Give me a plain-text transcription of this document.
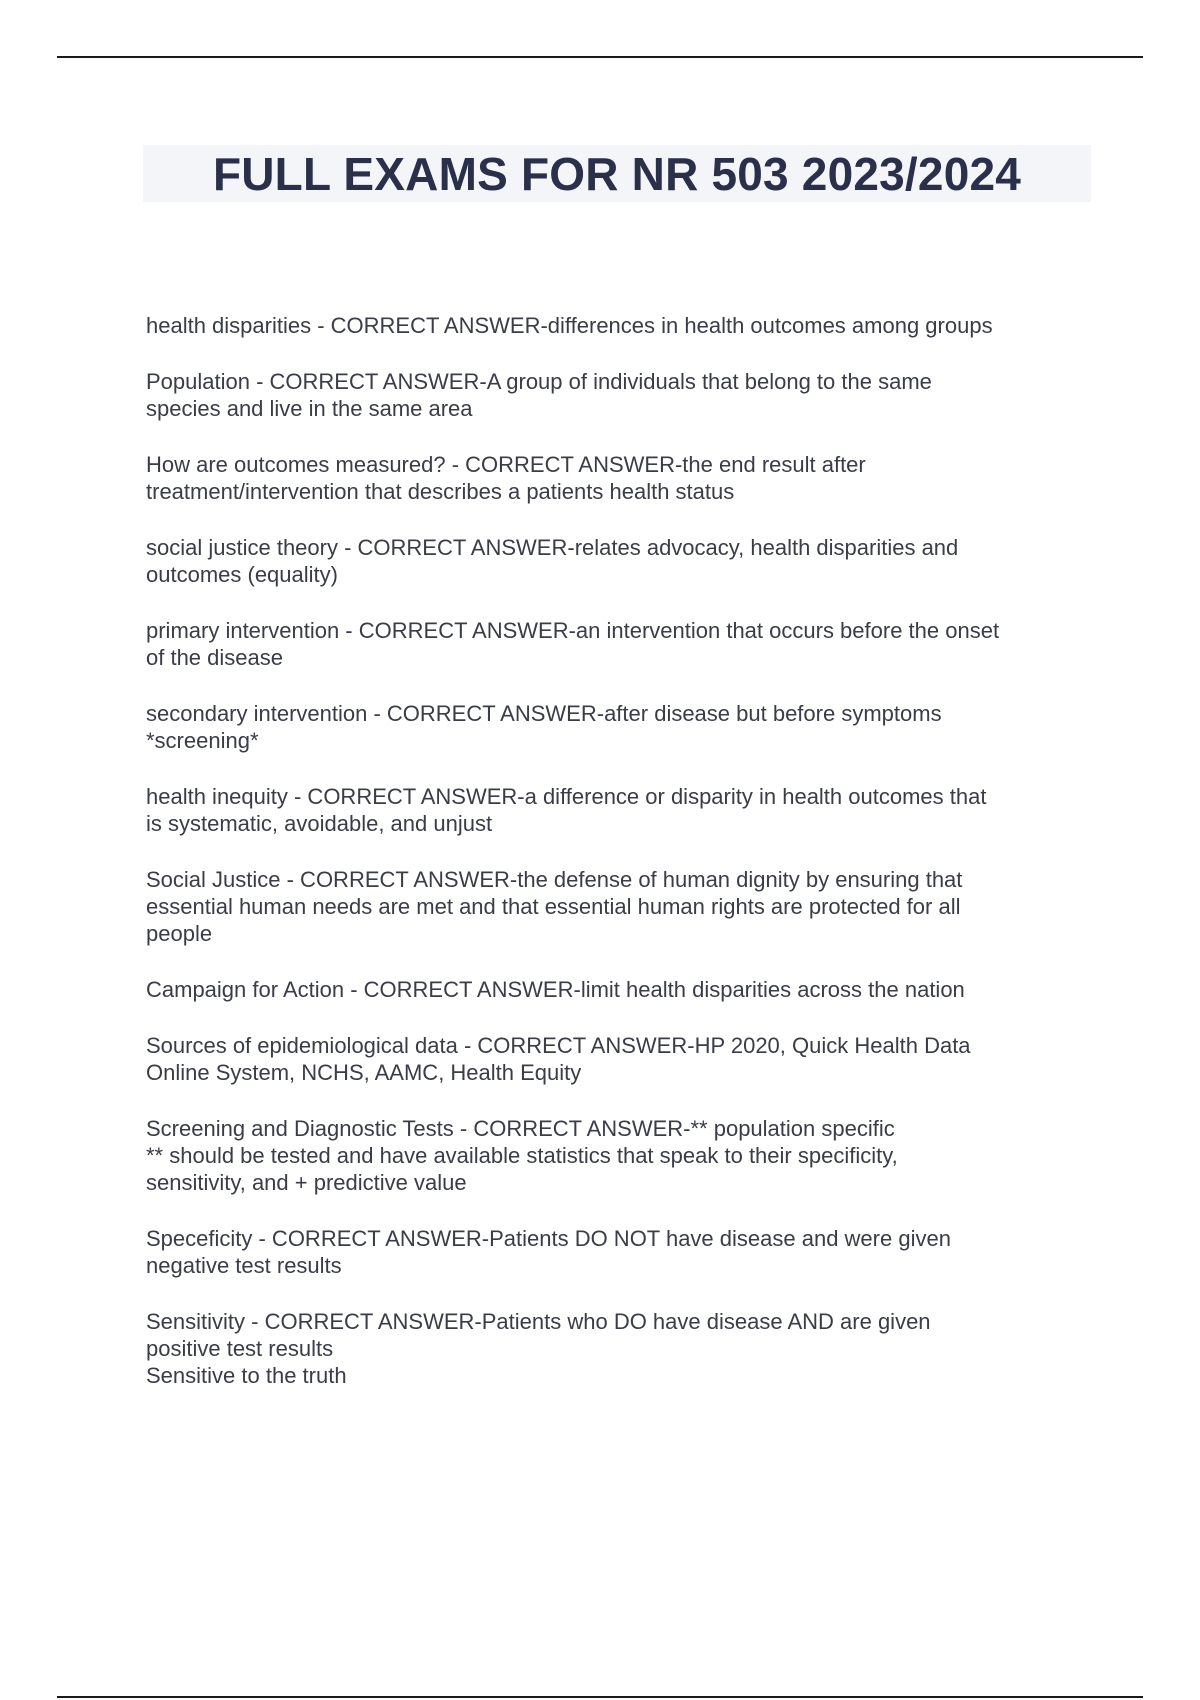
FULL EXAMS FOR NR 503 2023/2024

health disparities - CORRECT ANSWER-differences in health outcomes among groups

Population - CORRECT ANSWER-A group of individuals that belong to the same
species and live in the same area

How are outcomes measured? - CORRECT ANSWER-the end result after
treatment/intervention that describes a patients health status

social justice theory - CORRECT ANSWER-relates advocacy, health disparities and
outcomes (equality)

primary intervention - CORRECT ANSWER-an intervention that occurs before the onset
of the disease

secondary intervention - CORRECT ANSWER-after disease but before symptoms
*screening*

health inequity - CORRECT ANSWER-a difference or disparity in health outcomes that
is systematic, avoidable, and unjust

Social Justice - CORRECT ANSWER-the defense of human dignity by ensuring that
essential human needs are met and that essential human rights are protected for all
people

Campaign for Action - CORRECT ANSWER-limit health disparities across the nation

Sources of epidemiological data - CORRECT ANSWER-HP 2020, Quick Health Data
Online System, NCHS, AAMC, Health Equity

Screening and Diagnostic Tests - CORRECT ANSWER-** population specific
** should be tested and have available statistics that speak to their specificity,
sensitivity, and + predictive value

Speceficity - CORRECT ANSWER-Patients DO NOT have disease and were given
negative test results

Sensitivity - CORRECT ANSWER-Patients who DO have disease AND are given
positive test results
Sensitive to the truth
